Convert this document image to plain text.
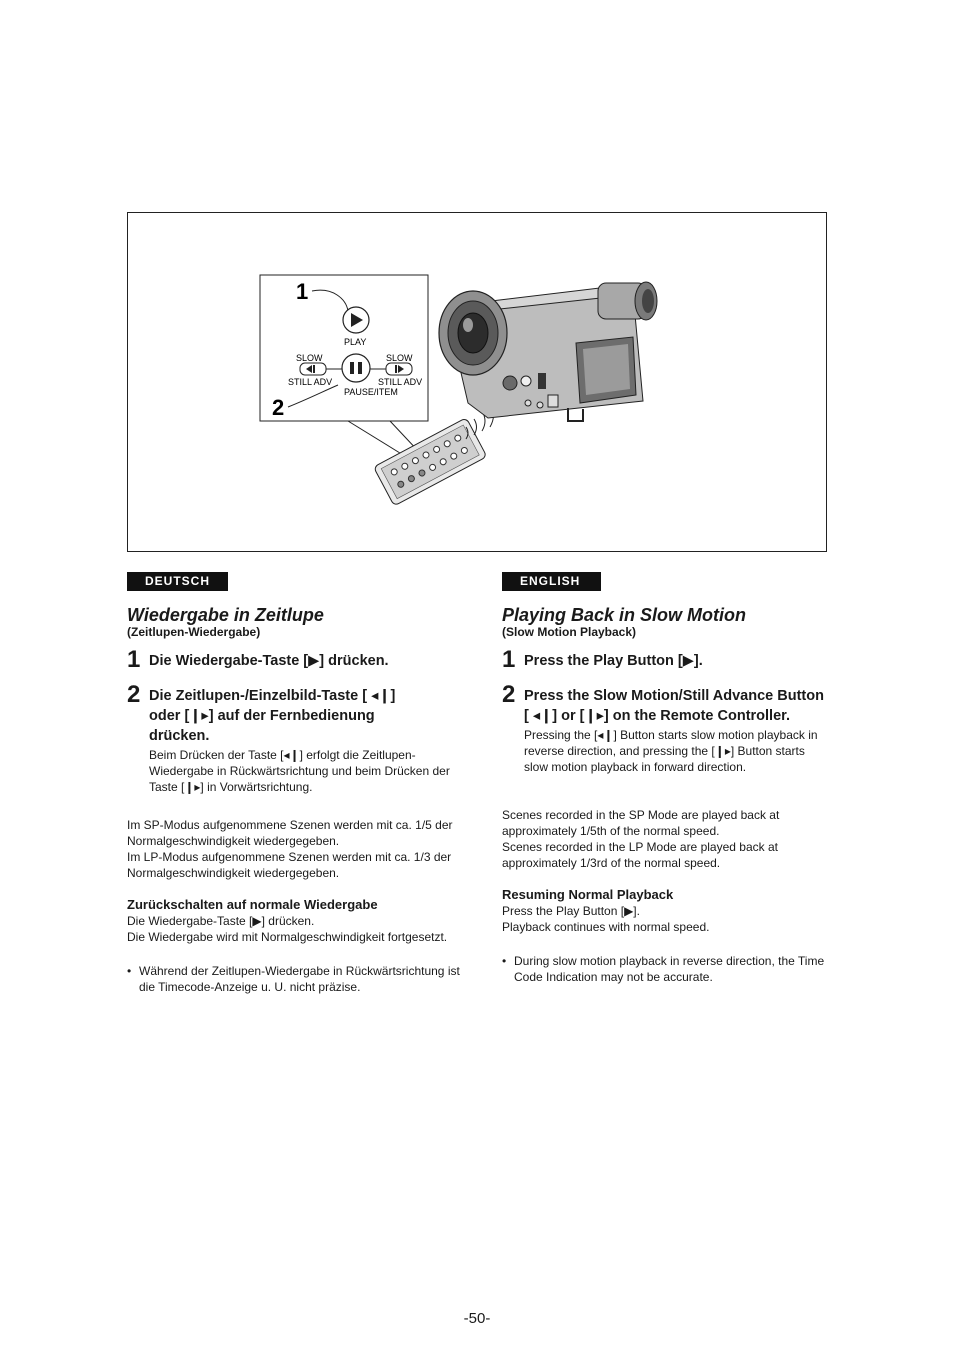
1
PLAY
SLOW
STILL ADV
SLOW
STILL ADV
PAUSE/ITEM
2
DEUTSCH
Wiedergabe in Zeitlupe
(Zeitlupen-Wiedergabe)
1 Die Wiedergabe-Taste [▶] drücken.
2 Die Zeitlupen-/Einzelbild-Taste [ ◂❙] oder [❙▸] auf der Fernbedienung drücken.
Beim Drücken der Taste [◂❙] erfolgt die Zeitlupen-Wiedergabe in Rückwärtsrichtung und beim Drücken der Taste [❙▸] in Vorwärtsrichtung.
Im SP-Modus aufgenommene Szenen werden mit ca. 1/5 der Normalgeschwindigkeit wiedergegeben.
Im LP-Modus aufgenommene Szenen werden mit ca. 1/3 der Normalgeschwindigkeit wiedergegeben.
Zurückschalten auf normale Wiedergabe
Die Wiedergabe-Taste [▶] drücken.
Die Wiedergabe wird mit Normalgeschwindigkeit fortgesetzt.
• Während der Zeitlupen-Wiedergabe in Rückwärtsrichtung ist die Timecode-Anzeige u. U. nicht präzise.
ENGLISH
Playing Back in Slow Motion
(Slow Motion Playback)
1 Press the Play Button [▶].
2 Press the Slow Motion/Still Advance Button [ ◂❙] or [❙▸] on the Remote Controller.
Pressing the [◂❙] Button starts slow motion playback in reverse direction, and pressing the [❙▸] Button starts slow motion playback in forward direction.
Scenes recorded in the SP Mode are played back at approximately 1/5th of the normal speed.
Scenes recorded in the LP Mode are played back at approximately 1/3rd of the normal speed.
Resuming Normal Playback
Press the Play Button [▶].
Playback continues with normal speed.
• During slow motion playback in reverse direction, the Time Code Indication may not be accurate.
-50-
